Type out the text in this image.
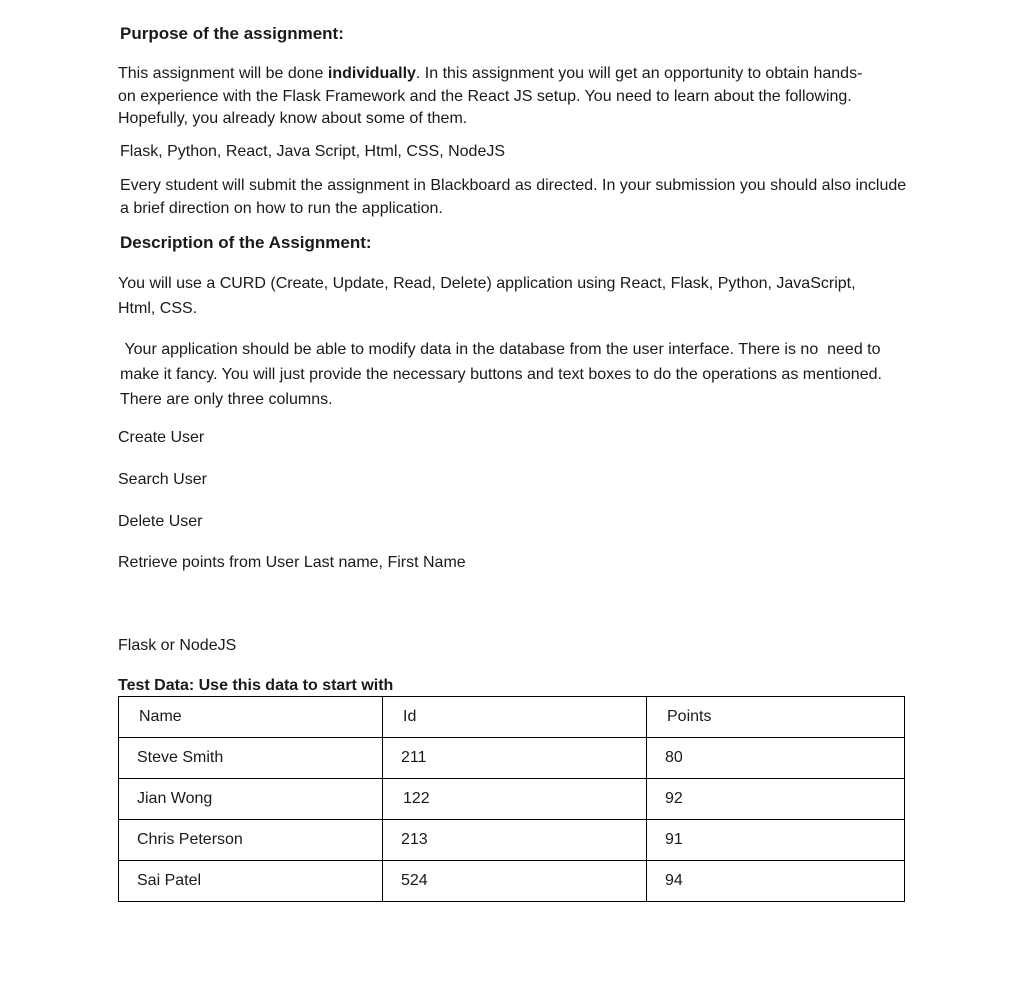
Purpose of the assignment:

This assignment will be done individually. In this assignment you will get an opportunity to obtain hands-on experience with the Flask Framework and the React JS setup. You need to learn about the following. Hopefully, you already know about some of them.

Flask, Python, React, Java Script, Html, CSS, NodeJS

Every student will submit the assignment in Blackboard as directed. In your submission you should also include a brief direction on how to run the application.

Description of the Assignment:

You will use a CURD (Create, Update, Read, Delete) application using React, Flask, Python, JavaScript, Html, CSS.

Your application should be able to modify data in the database from the user interface. There is no  need to make it fancy. You will just provide the necessary buttons and text boxes to do the operations as mentioned. There are only three columns.

Create User

Search User

Delete User

Retrieve points from User Last name, First Name

Flask or NodeJS

Test Data: Use this data to start with

Name	Id	Points
Steve Smith	211	80
Jian Wong	122	92
Chris Peterson	213	91
Sai Patel	524	94
